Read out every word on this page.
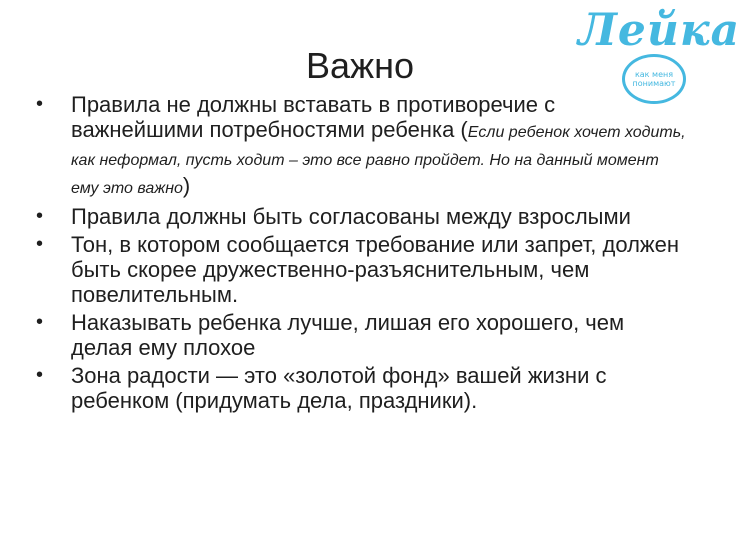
Важно
Лейка
как меня понимают
• Правила не должны вставать в противоречие с важнейшими потребностями ребенка (Если ребенок хочет ходить, как неформал, пусть ходит – это все равно пройдет. Но на данный момент ему это важно)
• Правила должны быть согласованы между взрослыми
• Тон, в котором сообщается требование или запрет, должен быть скорее дружественно‑разъяснительным, чем повелительным.
• Наказывать ребенка лучше, лишая его хорошего, чем делая ему плохое
• Зона радости — это «золотой фонд» вашей жизни с ребенком (придумать дела, праздники).
